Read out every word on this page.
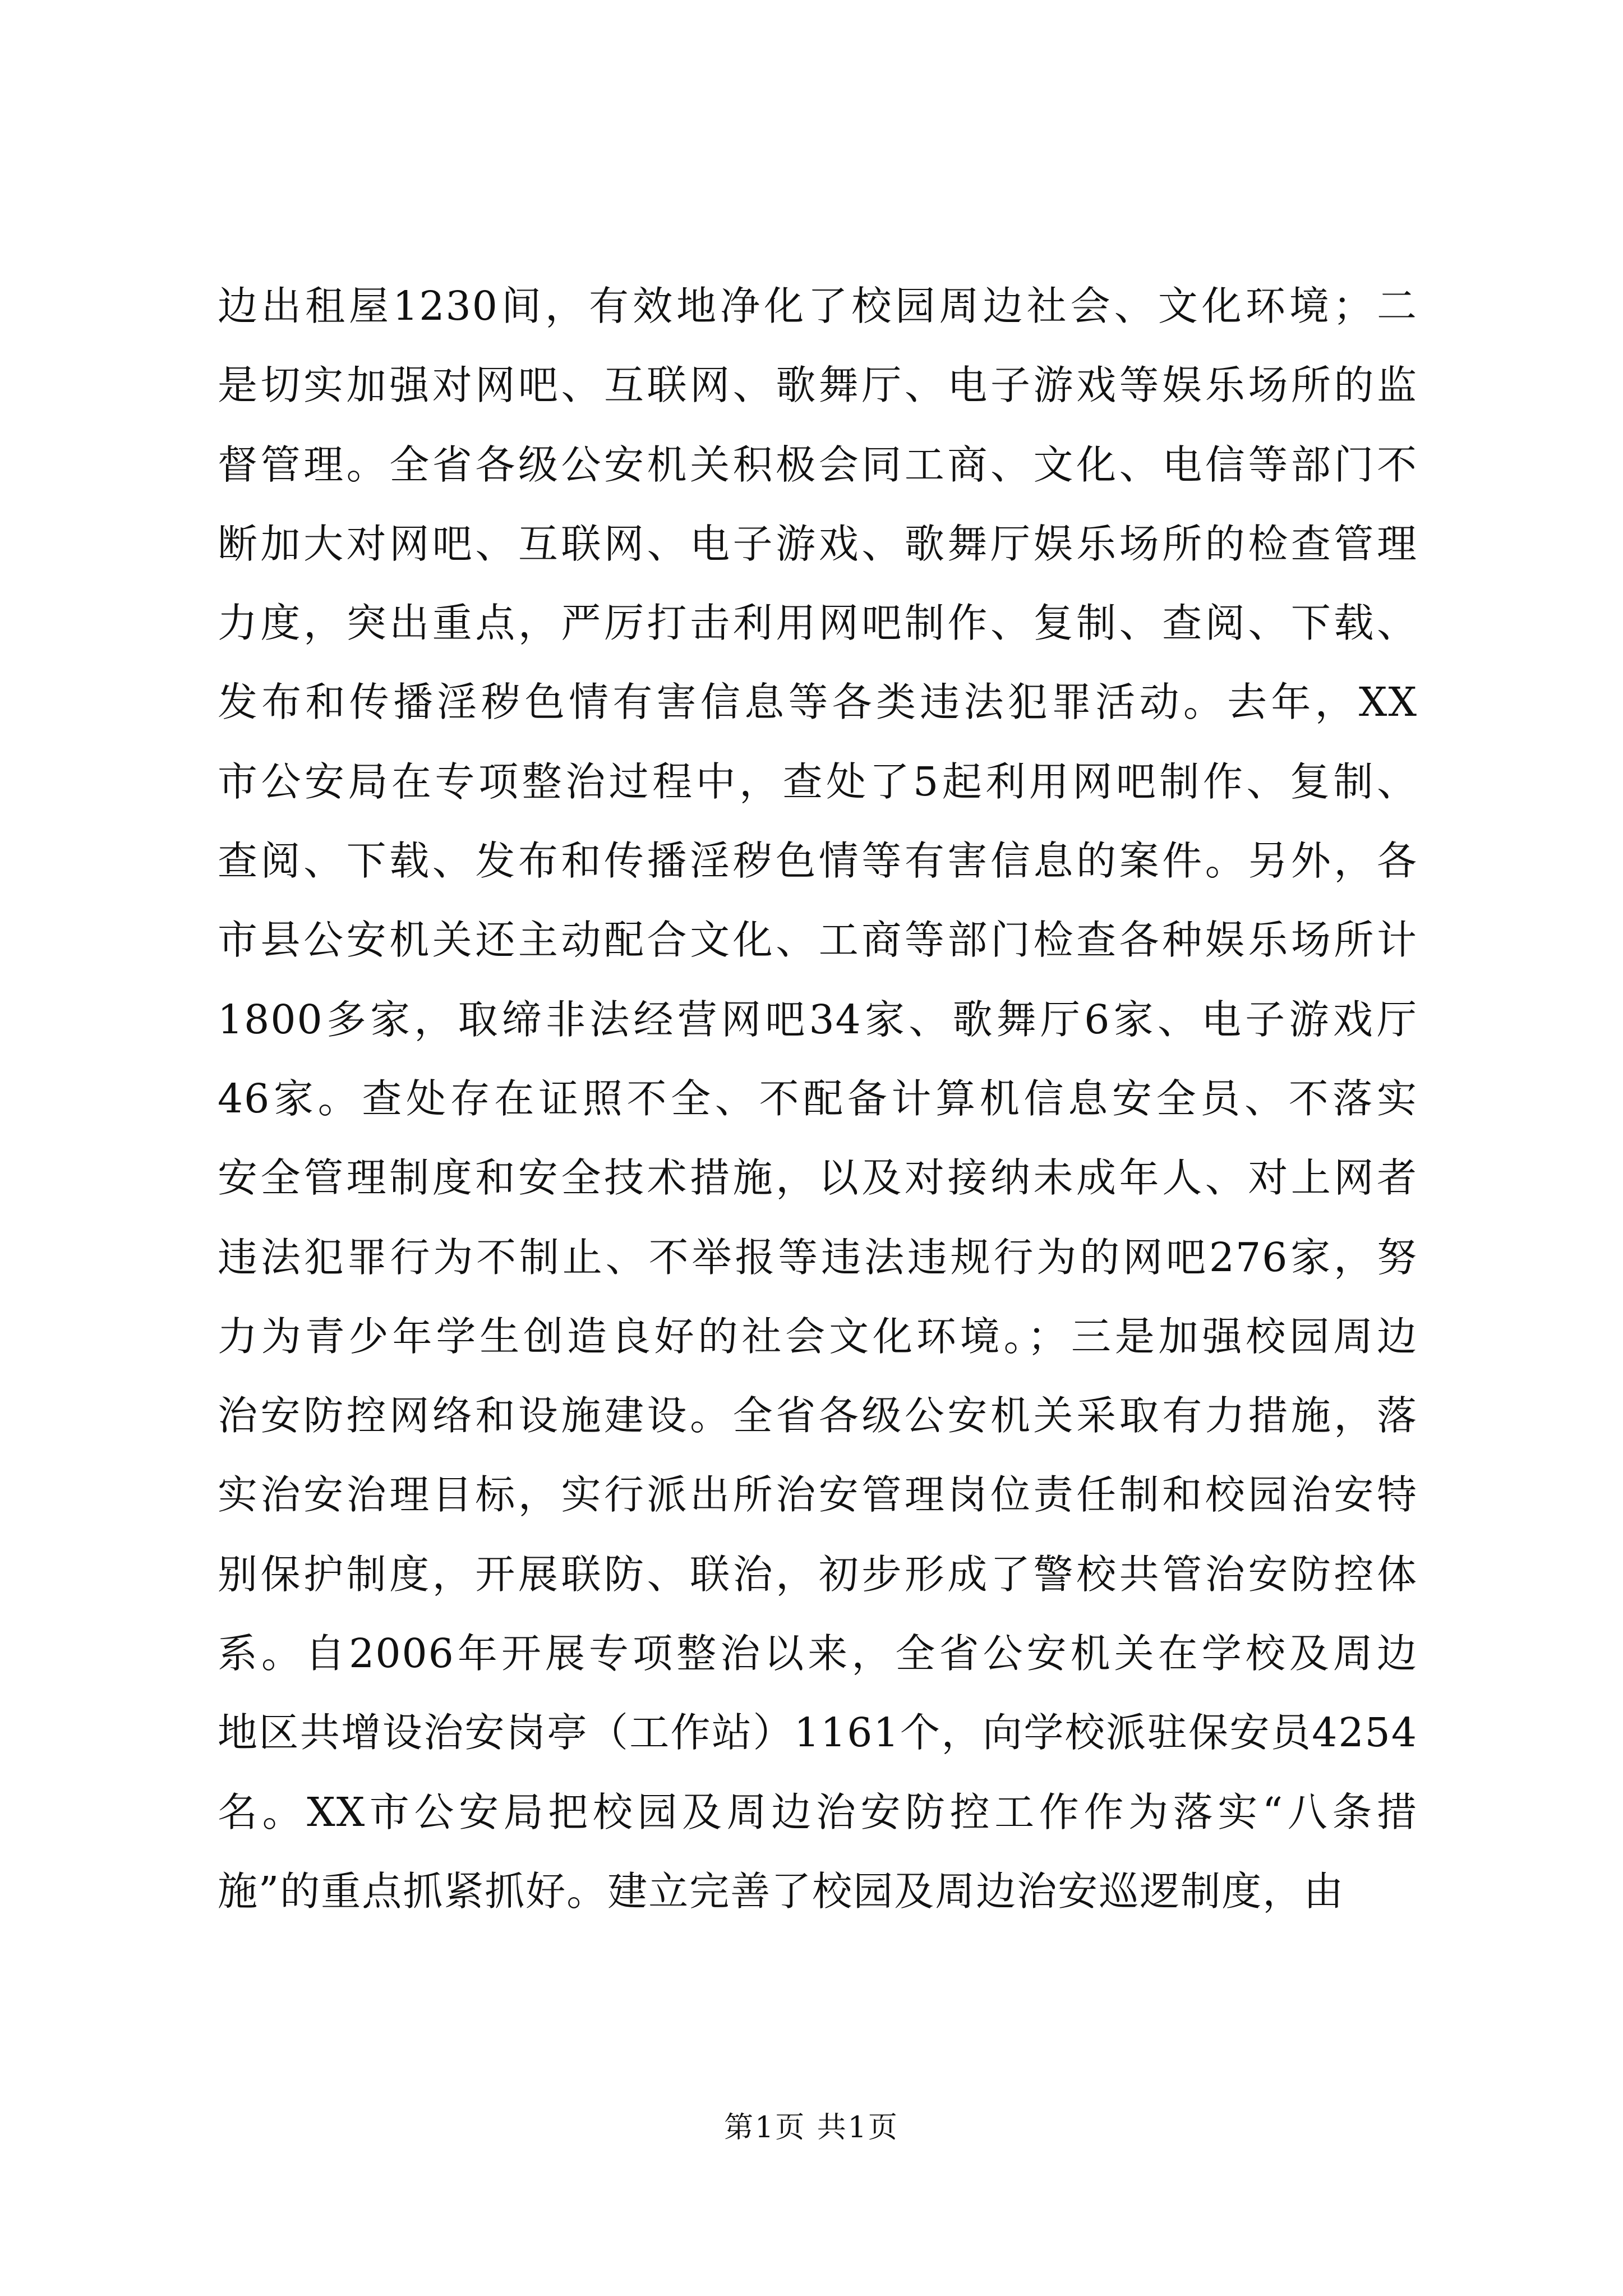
边出租屋1230间，有效地净化了校园周边社会、文化环境；二
是切实加强对网吧、互联网、歌舞厅、电子游戏等娱乐场所的监
督管理。全省各级公安机关积极会同工商、文化、电信等部门不
断加大对网吧、互联网、电子游戏、歌舞厅娱乐场所的检查管理
力度，突出重点，严厉打击利用网吧制作、复制、查阅、下载、
发布和传播淫秽色情有害信息等各类违法犯罪活动。去年，XX
市公安局在专项整治过程中，查处了5起利用网吧制作、复制、
查阅、下载、发布和传播淫秽色情等有害信息的案件。另外，各
市县公安机关还主动配合文化、工商等部门检查各种娱乐场所计
1800多家，取缔非法经营网吧34家、歌舞厅6家、电子游戏厅
46家。查处存在证照不全、不配备计算机信息安全员、不落实
安全管理制度和安全技术措施，以及对接纳未成年人、对上网者
违法犯罪行为不制止、不举报等违法违规行为的网吧276家，努
力为青少年学生创造良好的社会文化环境。；三是加强校园周边
治安防控网络和设施建设。全省各级公安机关采取有力措施，落
实治安治理目标，实行派出所治安管理岗位责任制和校园治安特
别保护制度，开展联防、联治，初步形成了警校共管治安防控体
系。自2006年开展专项整治以来，全省公安机关在学校及周边
地区共增设治安岗亭（工作站）1161个，向学校派驻保安员4254
名。XX市公安局把校园及周边治安防控工作作为落实“八条措
施”的重点抓紧抓好。建立完善了校园及周边治安巡逻制度，由
第1页 共1页
